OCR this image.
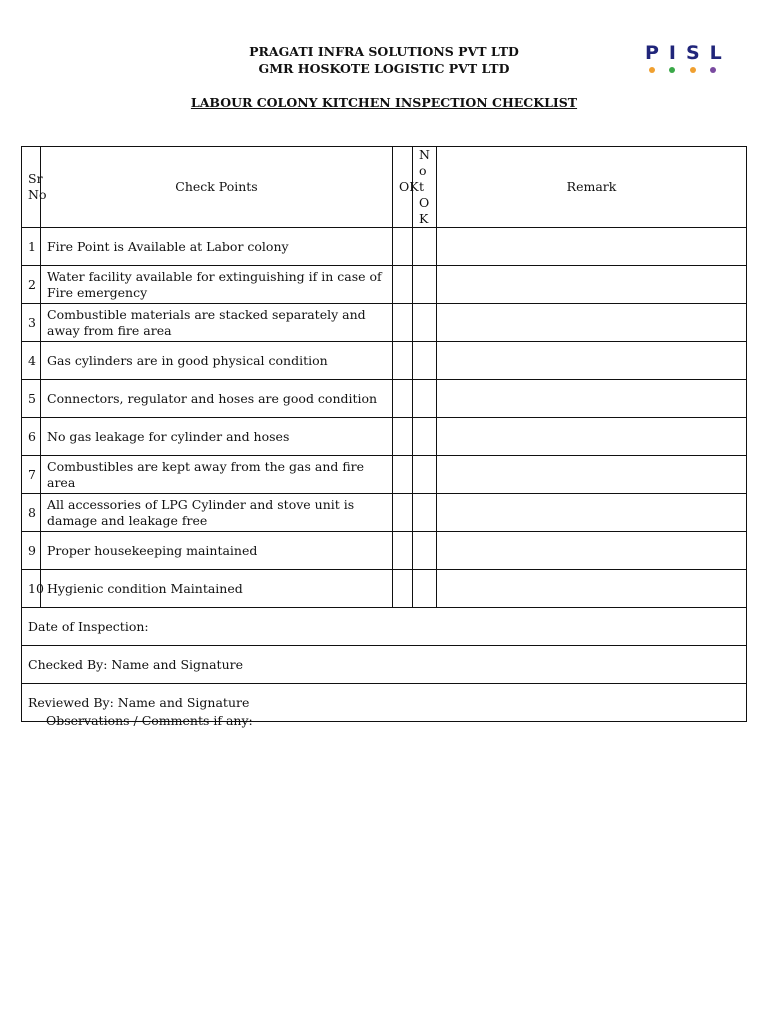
PRAGATI INFRA SOLUTIONS PVT LTD
GMR HOSKOTE LOGISTIC PVT LTD
LABOUR COLONY KITCHEN INSPECTION CHECKLIST
PISL
Sr No	Check Points	OK	Not OK	Remark
1	Fire Point is Available at Labor colony			
2	Water facility available for extinguishing if in case of Fire emergency			
3	Combustible materials are stacked separately and away from fire area			
4	Gas cylinders are in good physical condition			
5	Connectors, regulator and hoses are good condition			
6	No gas leakage for cylinder and hoses			
7	Combustibles are kept away from the gas and fire area			
8	All accessories of LPG Cylinder and stove unit is damage and leakage free			
9	Proper housekeeping maintained			
10	Hygienic condition Maintained			
Date of Inspection:				
Checked By: Name and Signature				
Reviewed By: Name and Signature				
Observations / Comments if any:
